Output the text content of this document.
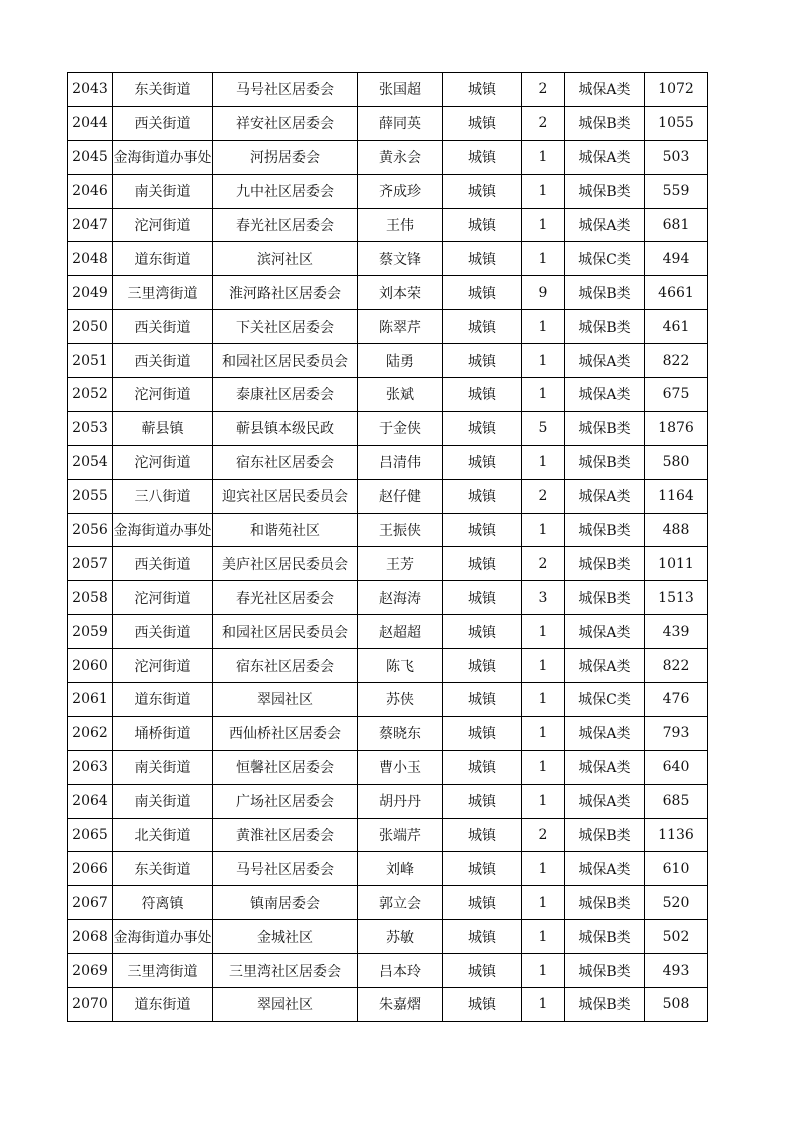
2043	东关街道	马号社区居委会	张国超	城镇	2	城保A类	1072
2044	西关街道	祥安社区居委会	薛同英	城镇	2	城保B类	1055
2045	金海街道办事处	河拐居委会	黄永会	城镇	1	城保A类	503
2046	南关街道	九中社区居委会	齐成珍	城镇	1	城保B类	559
2047	沱河街道	春光社区居委会	王伟	城镇	1	城保A类	681
2048	道东街道	滨河社区	蔡文锋	城镇	1	城保C类	494
2049	三里湾街道	淮河路社区居委会	刘本荣	城镇	9	城保B类	4661
2050	西关街道	下关社区居委会	陈翠芹	城镇	1	城保B类	461
2051	西关街道	和园社区居民委员会	陆勇	城镇	1	城保A类	822
2052	沱河街道	泰康社区居委会	张斌	城镇	1	城保A类	675
2053	蕲县镇	蕲县镇本级民政	于金侠	城镇	5	城保B类	1876
2054	沱河街道	宿东社区居委会	吕清伟	城镇	1	城保B类	580
2055	三八街道	迎宾社区居民委员会	赵仔健	城镇	2	城保A类	1164
2056	金海街道办事处	和谐苑社区	王振侠	城镇	1	城保B类	488
2057	西关街道	美庐社区居民委员会	王芳	城镇	2	城保B类	1011
2058	沱河街道	春光社区居委会	赵海涛	城镇	3	城保B类	1513
2059	西关街道	和园社区居民委员会	赵超超	城镇	1	城保A类	439
2060	沱河街道	宿东社区居委会	陈飞	城镇	1	城保A类	822
2061	道东街道	翠园社区	苏侠	城镇	1	城保C类	476
2062	埇桥街道	西仙桥社区居委会	蔡晓东	城镇	1	城保A类	793
2063	南关街道	恒馨社区居委会	曹小玉	城镇	1	城保A类	640
2064	南关街道	广场社区居委会	胡丹丹	城镇	1	城保A类	685
2065	北关街道	黄淮社区居委会	张端芹	城镇	2	城保B类	1136
2066	东关街道	马号社区居委会	刘峰	城镇	1	城保A类	610
2067	符离镇	镇南居委会	郭立会	城镇	1	城保B类	520
2068	金海街道办事处	金城社区	苏敏	城镇	1	城保B类	502
2069	三里湾街道	三里湾社区居委会	吕本玲	城镇	1	城保B类	493
2070	道东街道	翠园社区	朱嘉熠	城镇	1	城保B类	508
